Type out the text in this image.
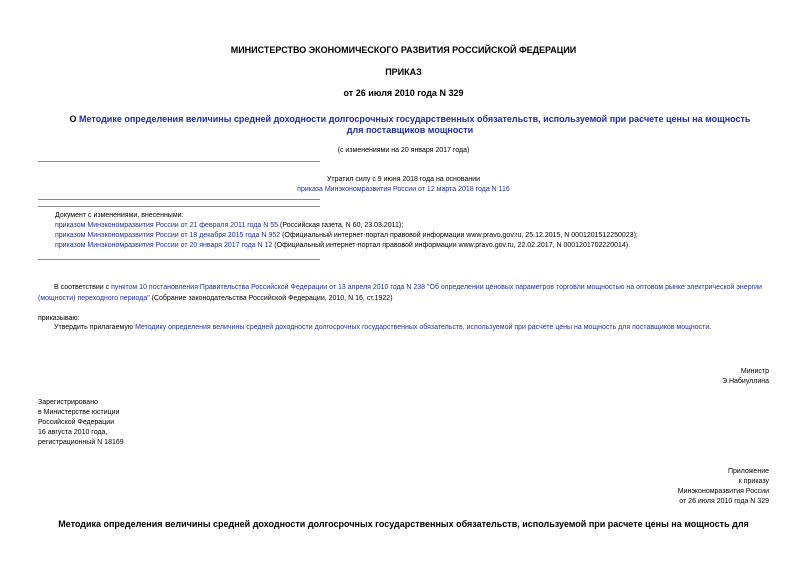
МИНИСТЕРСТВО ЭКОНОМИЧЕСКОГО РАЗВИТИЯ РОССИЙСКОЙ ФЕДЕРАЦИИ
ПРИКАЗ
от 26 июля 2010 года N 329
О Методике определения величины средней доходности долгосрочных государственных обязательств, используемой при расчете цены на мощность для поставщиков мощности
(с изменениями на 20 января 2017 года)
Утратил силу с 9 июня 2018 года на основании
приказа Минэкономразвития России от 12 марта 2018 года N 116
Документ с изменениями, внесенными:
приказом Минэкономразвития России от 21 февраля 2011 года N 55 (Российская газета, N 60, 23.03.2011);
приказом Минэкономразвития России от 18 декабря 2015 года N 952 (Официальный интернет-портал правовой информации www.pravo.gov.ru, 25.12.2015, N 0001201512250023);
приказом Минэкономразвития России от 20 января 2017 года N 12 (Официальный интернет-портал правовой информации www.pravo.gov.ru, 22.02.2017, N 0001201702220014).
В соответствии с пунктом 10 постановления Правительства Российской Федерации от 13 апреля 2010 года N 238 "Об определении ценовых параметров торговли мощностью на оптовом рынке электрической энергии (мощности) переходного периода" (Собрание законодательства Российской Федерации, 2010, N 16, ст.1922)
приказываю:
Утвердить прилагаемую Методику определения величины средней доходности долгосрочных государственных обязательств, используемой при расчете цены на мощность для поставщиков мощности.
Министр
Э.Набиуллина
Зарегистрировано
в Министерстве юстиции
Российской Федерации
16 августа 2010 года,
регистрационный N 18169
Приложение
к приказу
Минэкономразвития России
от 26 июля 2010 года N 329
Методика определения величины средней доходности долгосрочных государственных обязательств, используемой при расчете цены на мощность для
